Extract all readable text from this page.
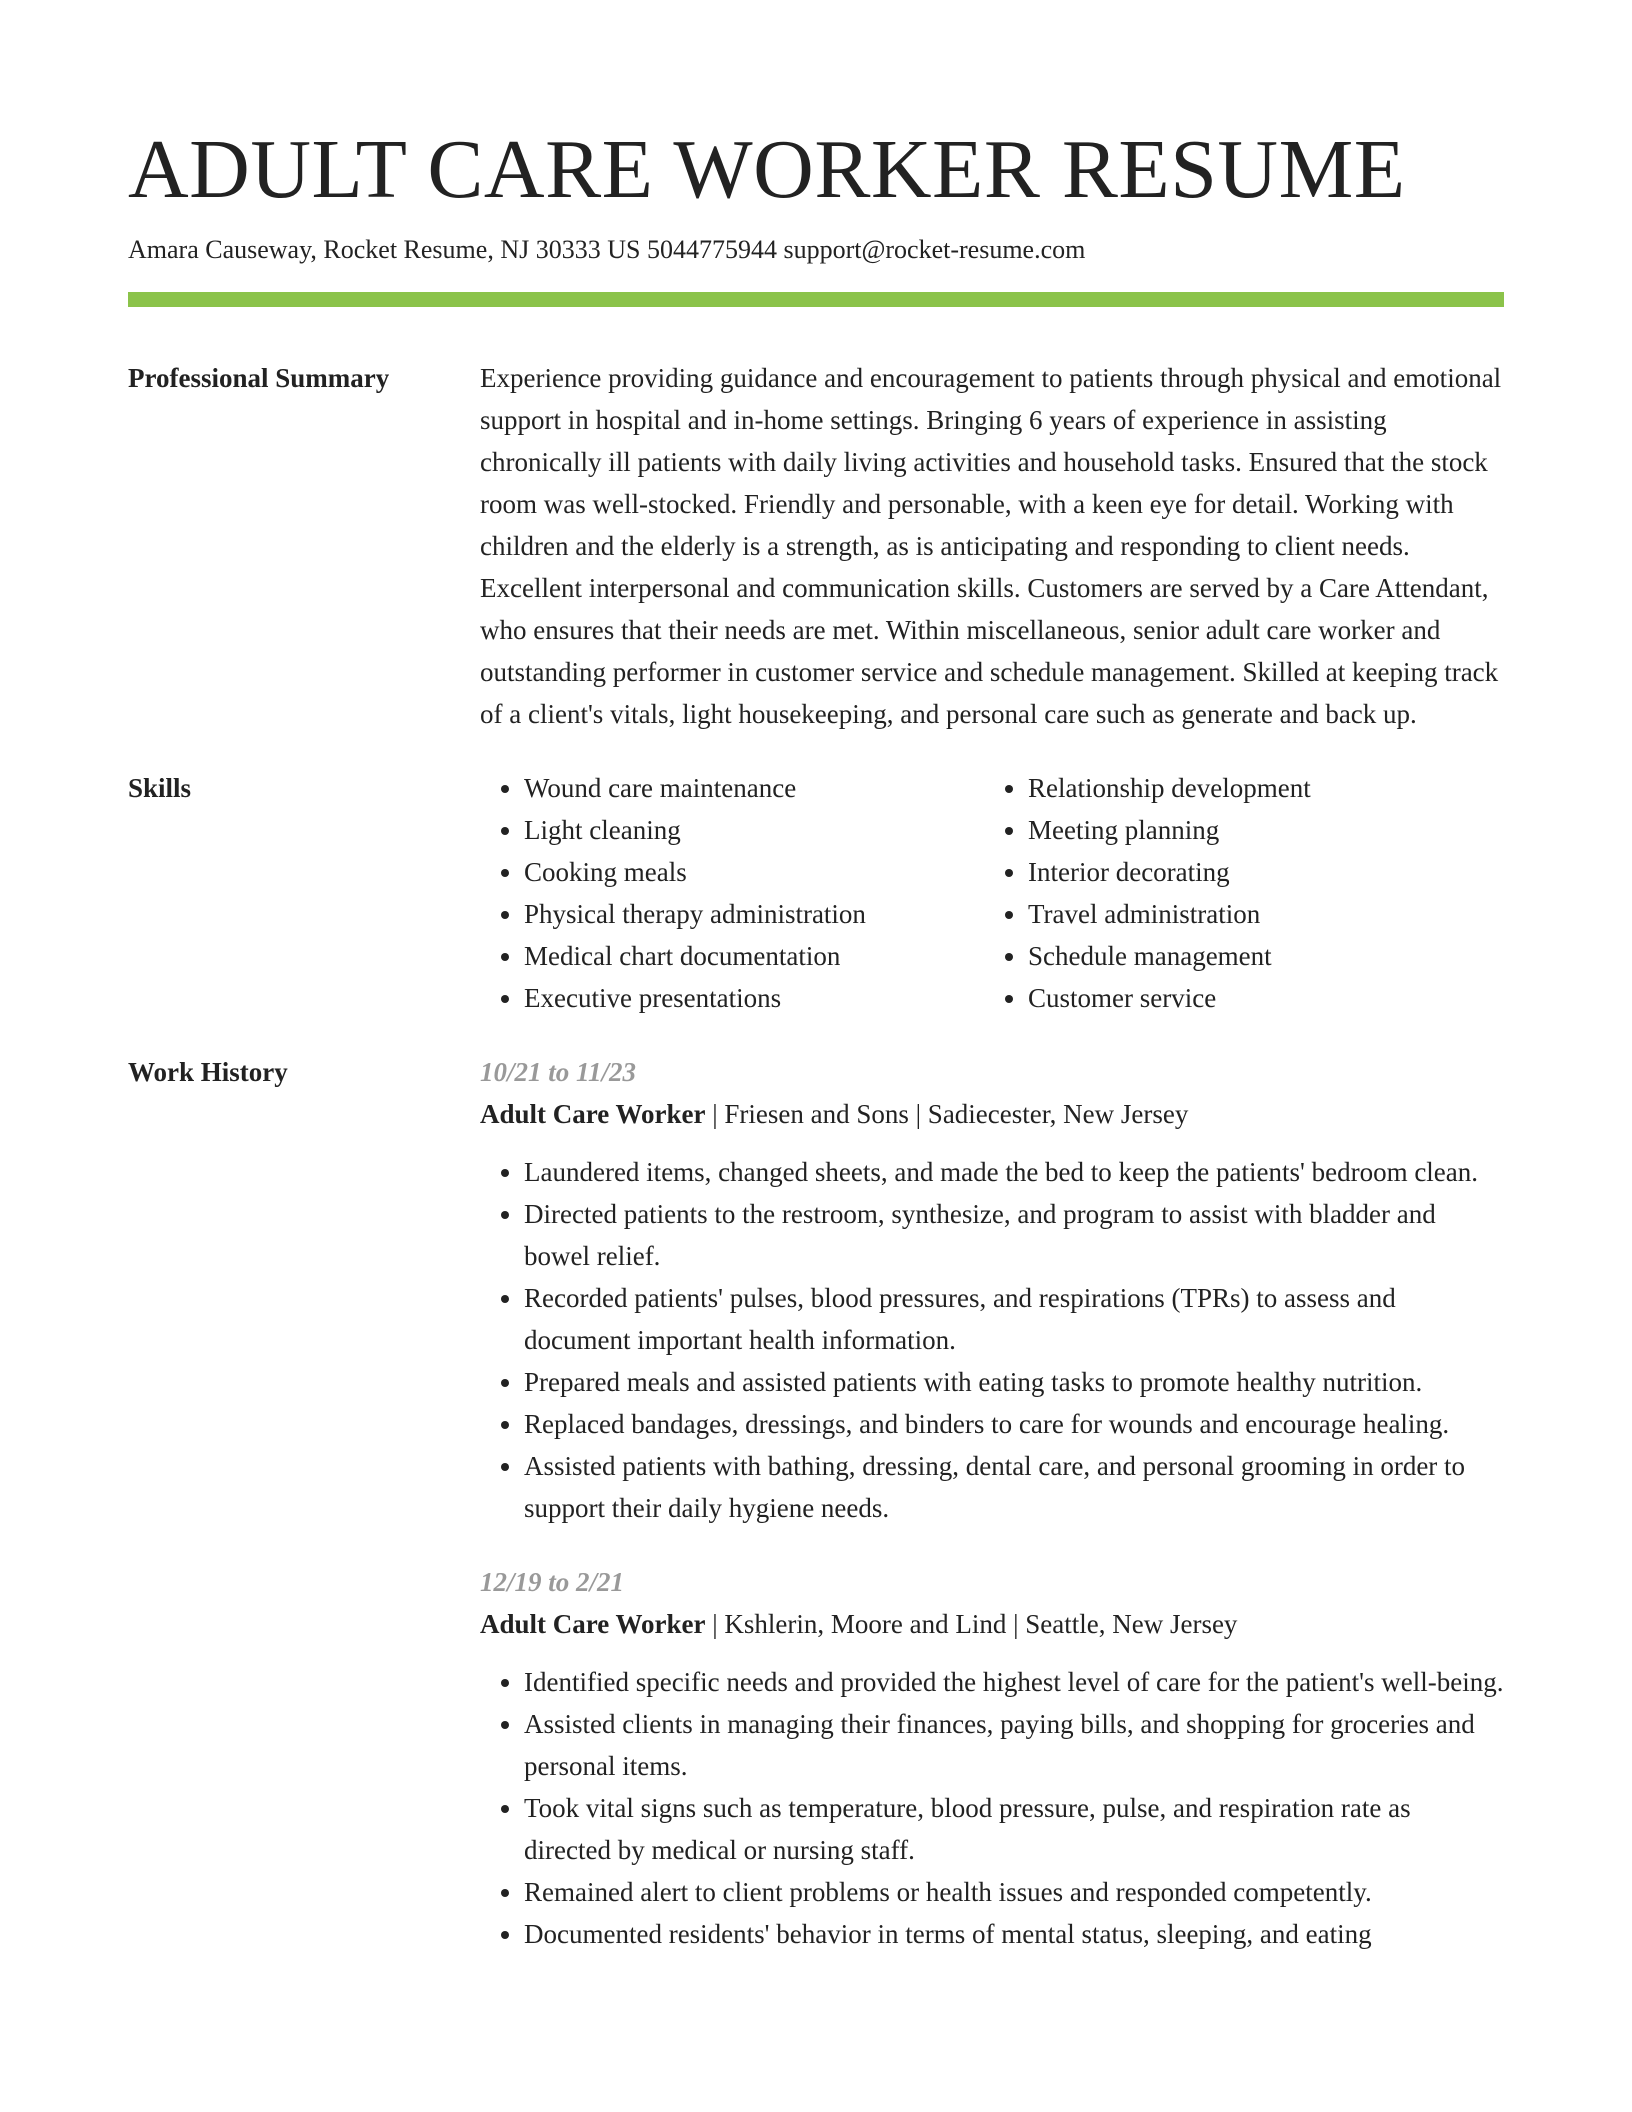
ADULT CARE WORKER RESUME
Amara Causeway, Rocket Resume, NJ 30333 US 5044775944 support@rocket-resume.com
Professional Summary	Experience providing guidance and encouragement to patients through physical and emotional support in hospital and in-home settings. Bringing 6 years of experience in assisting chronically ill patients with daily living activities and household tasks. Ensured that the stock room was well-stocked. Friendly and personable, with a keen eye for detail. Working with children and the elderly is a strength, as is anticipating and responding to client needs. Excellent interpersonal and communication skills. Customers are served by a Care Attendant, who ensures that their needs are met. Within miscellaneous, senior adult care worker and outstanding performer in customer service and schedule management. Skilled at keeping track of a client's vitals, light housekeeping, and personal care such as generate and back up.

Skills
•	Wound care maintenance
• Light cleaning
• Cooking meals
• Physical therapy administration
• Medical chart documentation
• Executive presentations
• Relationship development
• Meeting planning
• Interior decorating
• Travel administration
• Schedule management
• Customer service
Work History	10/21 to 11/23
Adult Care Worker | Friesen and Sons | Sadiecester, New Jersey
• Laundered items, changed sheets, and made the bed to keep the patients' bedroom clean.
• Directed patients to the restroom, synthesize, and program to assist with bladder and bowel relief.
• Recorded patients' pulses, blood pressures, and respirations (TPRs) to assess and document important health information.
• Prepared meals and assisted patients with eating tasks to promote healthy nutrition.
• Replaced bandages, dressings, and binders to care for wounds and encourage healing.
• Assisted patients with bathing, dressing, dental care, and personal grooming in order to support their daily hygiene needs.
12/19 to 2/21
Adult Care Worker | Kshlerin, Moore and Lind | Seattle, New Jersey
• Identified specific needs and provided the highest level of care for the patient's well-being.
• Assisted clients in managing their finances, paying bills, and shopping for groceries and personal items.
• Took vital signs such as temperature, blood pressure, pulse, and respiration rate as directed by medical or nursing staff.
• Remained alert to client problems or health issues and responded competently.
• Documented residents' behavior in terms of mental status, sleeping, and eating
